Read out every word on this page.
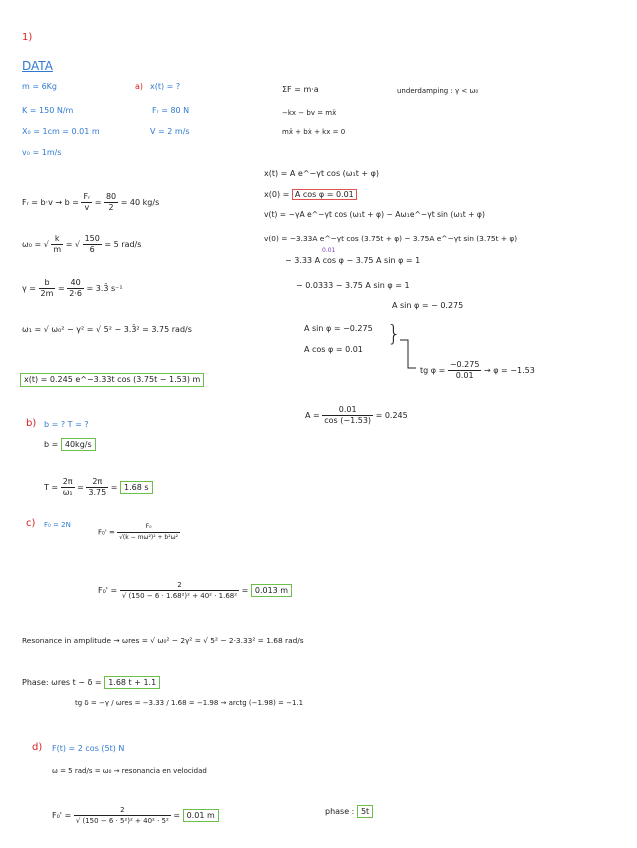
1)
DATA
m = 6Kg
K = 150 N/m
X₀ = 1cm = 0.01 m
v₀ = 1m/s
a) x(t) = ?
Fᵣ = 80 N
V = 2 m/s
Fᵣ = $b\cdot v \to b = \frac{\text{Fᵣ}}{v} = \frac{80}{2} = 40$ kg/s
ω₀ = √ $\frac{k}{m}$ = √ $\frac{150}{6} = 5$ rad/s
$\gamma = \frac{b}{2m} = \frac{40}{2\cdot 6}$ = 3.3̄ s⁻¹
ω₁ = √ ω₀² − γ² = √ 5² − 3.3̄² = 3.75 rad/s
x(t) = 0.245 e^−3.33t cos (3.75t − 1.53) m
ΣF = m·a	underdamping : γ < ω₀
−kx − bv = mẍ
mẍ + bẋ + kx = 0
x(t) = A e^−γt cos (ω₁t + φ)
x(0) = A cos φ = 0.01
v(t) = −γA e^−γt cos (ω₁t + φ) − Aω₁e^−γt sin (ω₁t + φ)
v(0) = −3.33A e^−γt cos (3.75t + φ) − 3.75A e^−γt sin (3.75t + φ)
0.01
− 3.33 A cos φ − 3.75 A sin φ = 1
− 0.0333 − 3.75 A sin φ = 1
A sin φ = − 0.275
A sin φ = −0.275
A cos φ = 0.01
}
tg $\varphi = \frac{-0.275}{0.01} \to \varphi = -1.53$
$A = \frac{0.01}{\cos (-1.53)} = 0.245$
b) b = ? T = ?
b = 40kg/s
$T = \frac{2\pi}{\text{ω₁}} = \frac{2\pi}{3.75} = 1.68$ s
c) F₀ = 2N
$F_0' = \frac{\text{F₀}}{\text{√(k − mω²)² + b²ω²}}$
$F_0' = \frac{2}{\text{√ (150 − 6 · 1.68²)² + 40² · 1.68²}} = 0.013$ m
Resonance in amplitude → ωres = √ ω₀² − 2γ² = √ 5² − 2·3.33² = 1.68 rad/s
Phase: ωres t − δ = 1.68 t + 1.1
tg δ = −γ / ωres = −3.33 / 1.68 = −1.98 → arctg (−1.98) = −1.1
d) F(t) = 2 cos (5t) N
ω = 5 rad/s = ω₀ → resonancia en velocidad
$F_0' = \frac{2}{\text{√ (150 − 6 · 5²)² + 40² · 5²}} = 0.01$ m	phase : 5t
